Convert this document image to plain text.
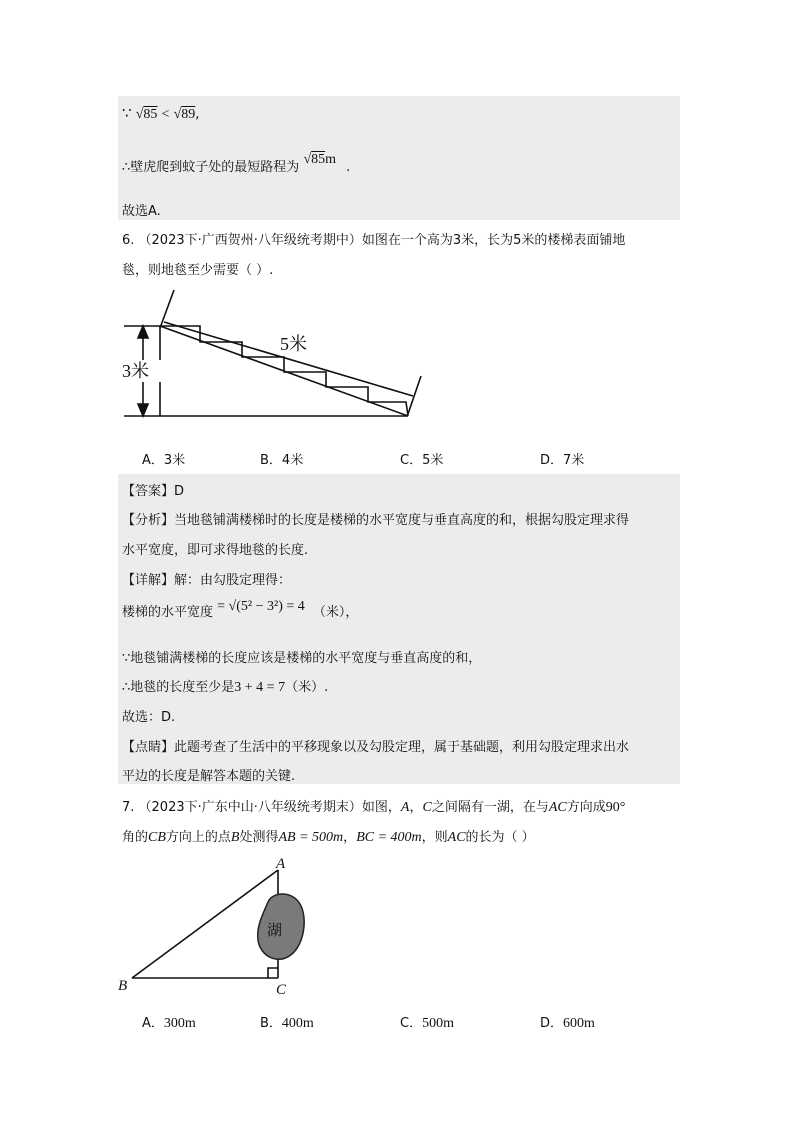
∵ √85 < √89,
∴壁虎爬到蚊子处的最短路程为 √85m .
故选A.
6. （2023下·广西贺州·八年级统考期中）如图在一个高为3米，长为5米的楼梯表面铺地
毯，则地毯至少需要（ ）.
3米
5米
A．3米	B．4米	C．5米	D．7米
【答案】D
【分析】当地毯铺满楼梯时的长度是楼梯的水平宽度与垂直高度的和，根据勾股定理求得
水平宽度，即可求得地毯的长度.
【详解】解：由勾股定理得：
楼梯的水平宽度 = √(5² − 3²) = 4 （米），
∵地毯铺满楼梯的长度应该是楼梯的水平宽度与垂直高度的和，
∴地毯的长度至少是3 + 4 = 7（米）.
故选：D.
【点睛】此题考查了生活中的平移现象以及勾股定理，属于基础题，利用勾股定理求出水
平边的长度是解答本题的关键.
7. （2023下·广东中山·八年级统考期末）如图，A，C之间隔有一湖，在与AC方向成90°
角的CB方向上的点B处测得AB = 500m，BC = 400m，则AC的长为（ ）
湖
A
B	C
A．300m	B．400m	C．500m	D．600m
